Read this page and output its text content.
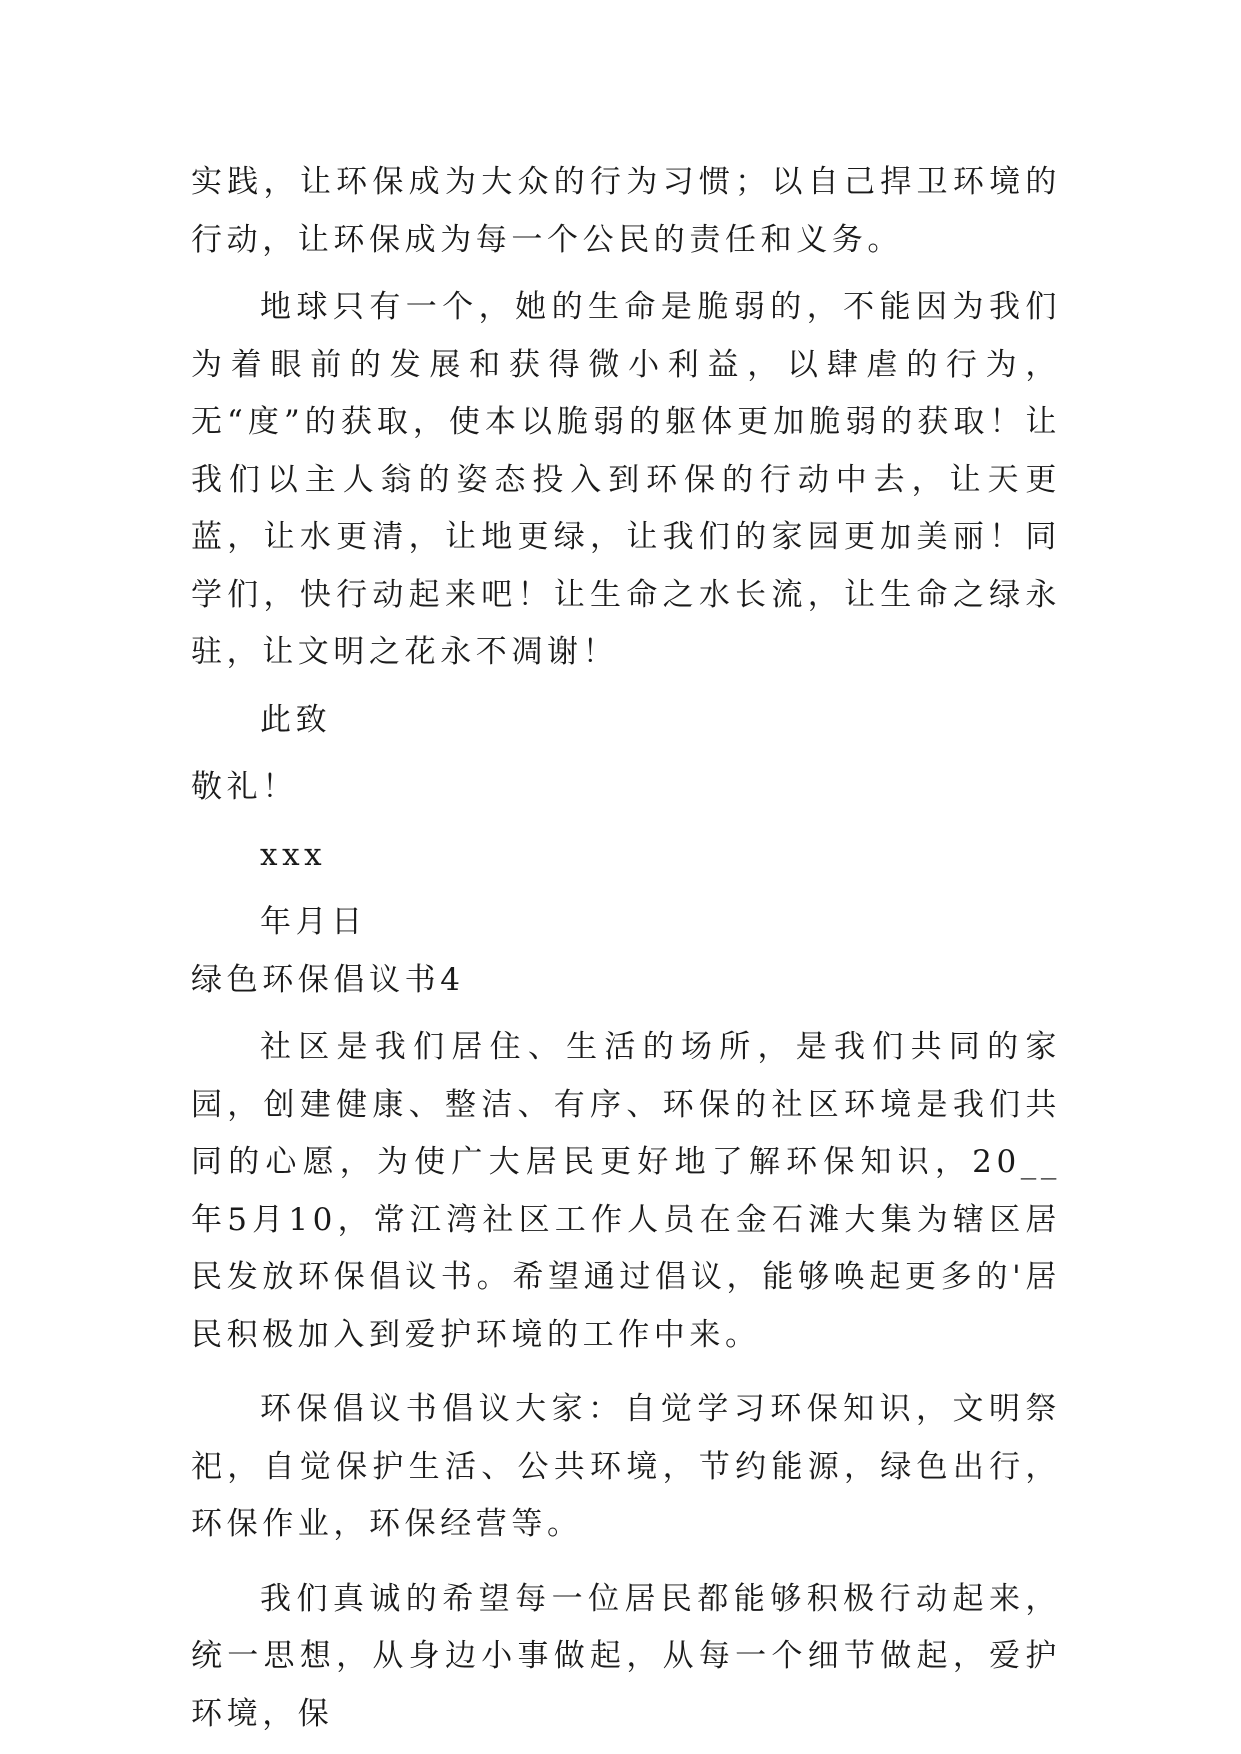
实践，让环保成为大众的行为习惯；以自己捍卫环境的行动，让环保成为每一个公民的责任和义务。

地球只有一个，她的生命是脆弱的，不能因为我们为着眼前的发展和获得微小利益，以肆虐的行为，无“度”的获取，使本以脆弱的躯体更加脆弱的获取！让我们以主人翁的姿态投入到环保的行动中去，让天更蓝，让水更清，让地更绿，让我们的家园更加美丽！同学们，快行动起来吧！让生命之水长流，让生命之绿永驻，让文明之花永不凋谢！

此致

敬礼！

xxx

年月日

绿色环保倡议书4

社区是我们居住、生活的场所，是我们共同的家园，创建健康、整洁、有序、环保的社区环境是我们共同的心愿，为使广大居民更好地了解环保知识，20__年5月10，常江湾社区工作人员在金石滩大集为辖区居民发放环保倡议书。希望通过倡议，能够唤起更多的'居民积极加入到爱护环境的工作中来。

环保倡议书倡议大家：自觉学习环保知识，文明祭祀，自觉保护生活、公共环境，节约能源，绿色出行，环保作业，环保经营等。

我们真诚的希望每一位居民都能够积极行动起来，统一思想，从身边小事做起，从每一个细节做起，爱护环境，保
